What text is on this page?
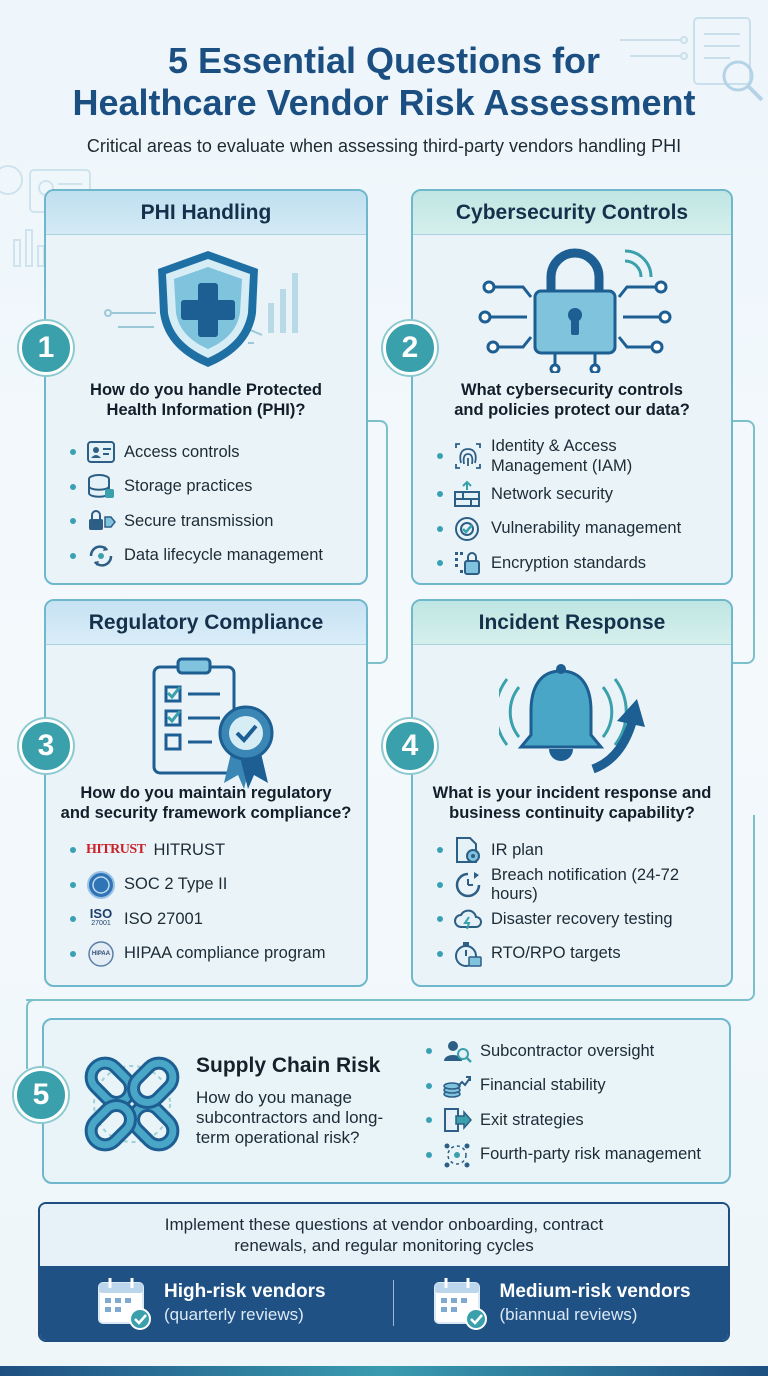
5 Essential Questions for
Healthcare Vendor Risk Assessment
Critical areas to evaluate when assessing third-party vendors handling PHI
PHI Handling
How do you handle Protected
Health Information (PHI)?
Access controls
Storage practices
Secure transmission
Data lifecycle management
Cybersecurity Controls
What cybersecurity controls
and policies protect our data?
Identity & Access Management (IAM)
Network security
Vulnerability management
Encryption standards
Regulatory Compliance
How do you maintain regulatory
and security framework compliance?
HITRUST HITRUST
SOC 2 Type II
ISO
27001 ISO 27001
HIPAA HIPAA compliance program
Incident Response
What is your incident response and
business continuity capability?
IR plan
Breach notification (24-72 hours)
Disaster recovery testing
RTO/RPO targets
1	2
3	4
Supply Chain Risk
How do you manage subcontractors and long-term operational risk?
Subcontractor oversight
Financial stability
Exit strategies
Fourth-party risk management
5
Implement these questions at vendor onboarding, contract
renewals, and regular monitoring cycles
High-risk vendors
(quarterly reviews)
Medium-risk vendors
(biannual reviews)
